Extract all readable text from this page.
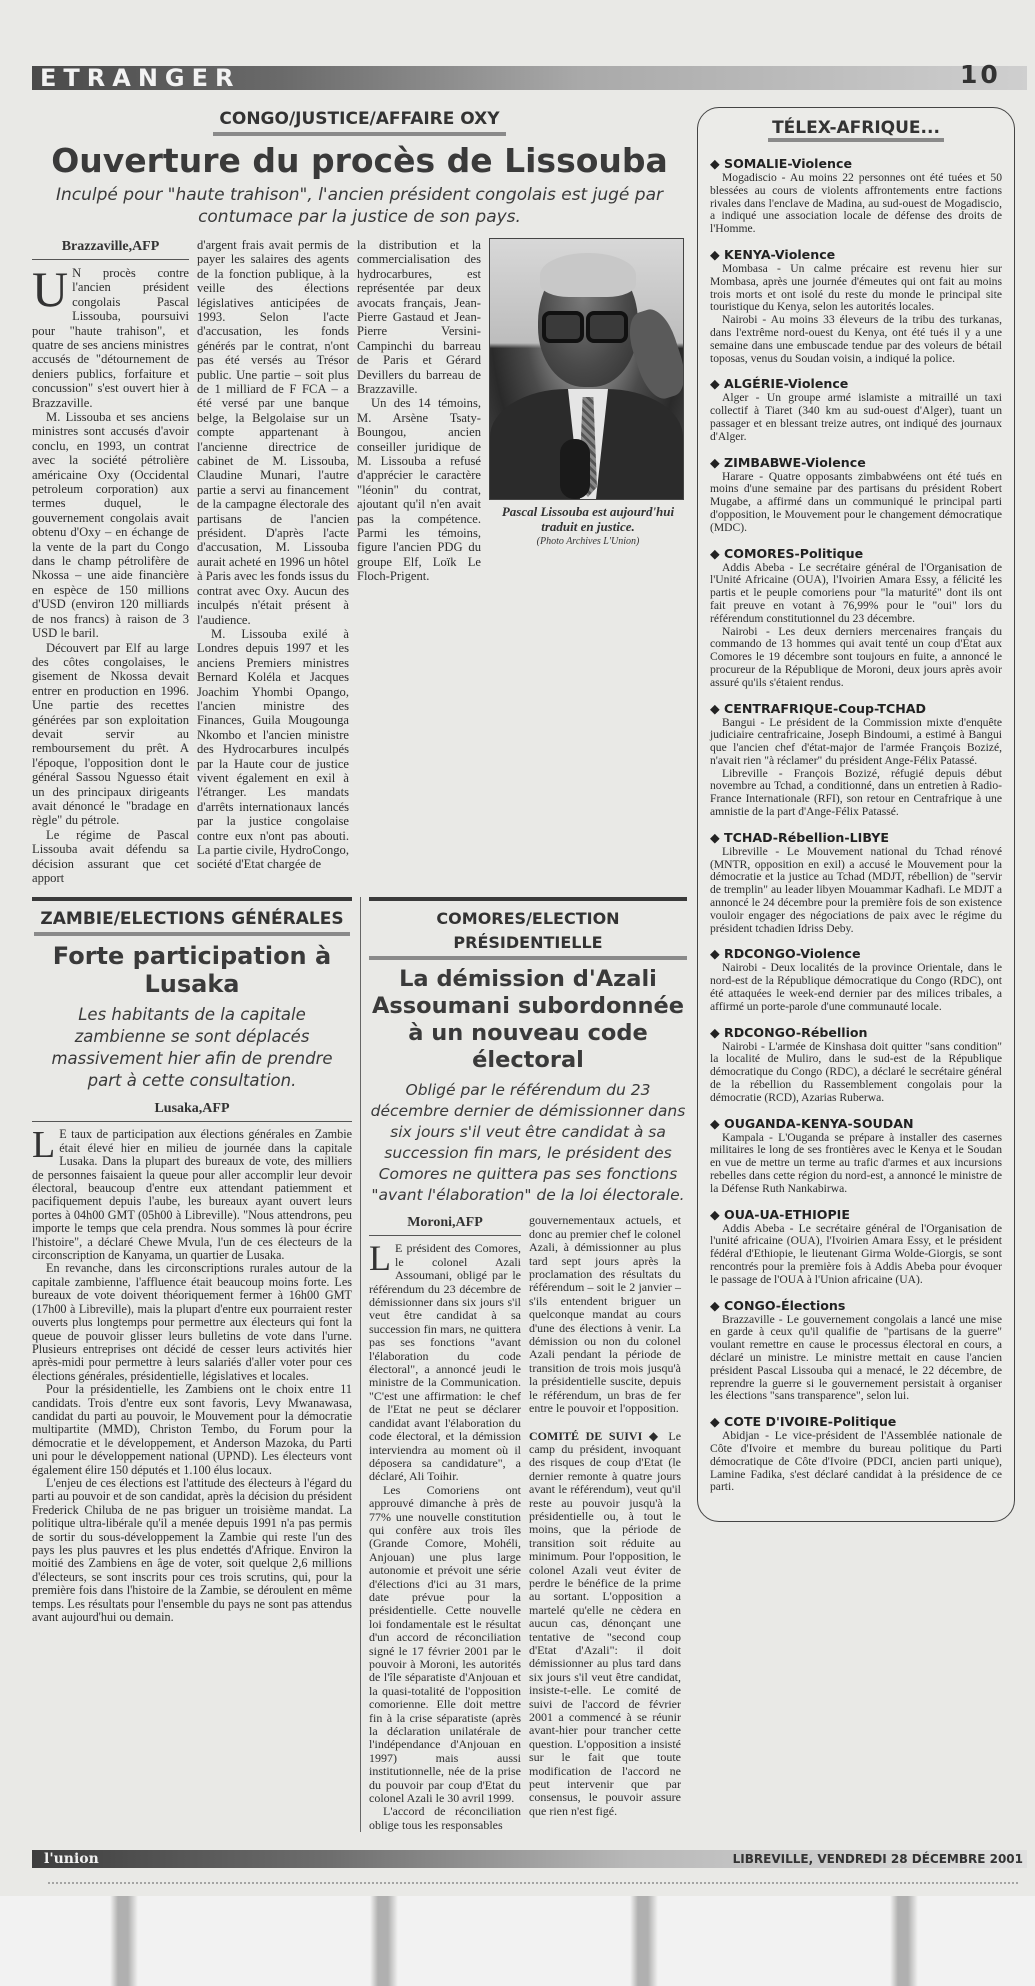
ETRANGER	10
CONGO/JUSTICE/AFFAIRE OXY
Ouverture du procès de Lissouba
Inculpé pour "haute trahison", l'ancien président congolais est jugé par contumace par la justice de son pays.
Brazzaville,AFP

U N procès contre l'ancien président congolais Pascal Lissouba, poursuivi pour "haute trahison", et quatre de ses anciens ministres accusés de "détournement de deniers publics, forfaiture et concussion" s'est ouvert hier à Brazzaville.

M. Lissouba et ses anciens ministres sont accusés d'avoir conclu, en 1993, un contrat avec la société pétrolière américaine Oxy (Occidental petroleum corporation) aux termes duquel, le gouvernement congolais avait obtenu d'Oxy – en échange de la vente de la part du Congo dans le champ pétrolifère de Nkossa – une aide financière en espèce de 150 millions d'USD (environ 120 milliards de nos francs) à raison de 3 USD le baril.

Découvert par Elf au large des côtes congolaises, le gisement de Nkossa devait entrer en production en 1996. Une partie des recettes générées par son exploitation devait servir au remboursement du prêt. A l'époque, l'opposition dont le général Sassou Nguesso était un des principaux dirigeants avait dénoncé le "bradage en règle" du pétrole.

Le régime de Pascal Lissouba avait défendu sa décision assurant que cet apport

d'argent frais avait permis de payer les salaires des agents de la fonction publique, à la veille des élections législatives anticipées de 1993. Selon l'acte d'accusation, les fonds générés par le contrat, n'ont pas été versés au Trésor public. Une partie – soit plus de 1 milliard de F FCA – a été versé par une banque belge, la Belgolaise sur un compte appartenant à l'ancienne directrice de cabinet de M. Lissouba, Claudine Munari, l'autre partie a servi au financement de la campagne électorale des partisans de l'ancien président. D'après l'acte d'accusation, M. Lissouba aurait acheté en 1996 un hôtel à Paris avec les fonds issus du contrat avec Oxy. Aucun des inculpés n'était présent à l'audience.

M. Lissouba exilé à Londres depuis 1997 et les anciens Premiers ministres Bernard Koléla et Jacques Joachim Yhombi Opango, l'ancien ministre des Finances, Guila Mougounga Nkombo et l'ancien ministre des Hydrocarbures inculpés par la Haute cour de justice vivent également en exil à l'étranger. Les mandats d'arrêts internationaux lancés par la justice congolaise contre eux n'ont pas abouti. La partie civile, HydroCongo, société d'Etat chargée de

la distribution et la commercialisation des hydrocarbures, est représentée par deux avocats français, Jean-Pierre Gastaud et Jean-Pierre Versini-Campinchi du barreau de Paris et Gérard Devillers du barreau de Brazzaville.

Un des 14 témoins, M. Arsène Tsaty-Boungou, ancien conseiller juridique de M. Lissouba a refusé d'apprécier le caractère "léonin" du contrat, ajoutant qu'il n'en avait pas la compétence. Parmi les témoins, figure l'ancien PDG du groupe Elf, Loïk Le Floch-Prigent.

Pascal Lissouba est aujourd'hui traduit en justice.
(Photo Archives L'Union)
ZAMBIE/ELECTIONS GÉNÉRALES
Forte participation à Lusaka
Les habitants de la capitale zambienne se sont déplacés massivement hier afin de prendre part à cette consultation.
Lusaka,AFP

L E taux de participation aux élections générales en Zambie était élevé hier en milieu de journée dans la capitale Lusaka. Dans la plupart des bureaux de vote, des milliers de personnes faisaient la queue pour aller accomplir leur devoir électoral, beaucoup d'entre eux attendant patiemment et pacifiquement depuis l'aube, les bureaux ayant ouvert leurs portes à 04h00 GMT (05h00 à Libreville). "Nous attendrons, peu importe le temps que cela prendra. Nous sommes là pour écrire l'histoire", a déclaré Chewe Mvula, l'un de ces électeurs de la circonscription de Kanyama, un quartier de Lusaka.

En revanche, dans les circonscriptions rurales autour de la capitale zambienne, l'affluence était beaucoup moins forte. Les bureaux de vote doivent théoriquement fermer à 16h00 GMT (17h00 à Libreville), mais la plupart d'entre eux pourraient rester ouverts plus longtemps pour permettre aux électeurs qui font la queue de pouvoir glisser leurs bulletins de vote dans l'urne. Plusieurs entreprises ont décidé de cesser leurs activités hier après-midi pour permettre à leurs salariés d'aller voter pour ces élections générales, présidentielle, législatives et locales.

Pour la présidentielle, les Zambiens ont le choix entre 11 candidats. Trois d'entre eux sont favoris, Levy Mwanawasa, candidat du parti au pouvoir, le Mouvement pour la démocratie multipartite (MMD), Christon Tembo, du Forum pour la démocratie et le développement, et Anderson Mazoka, du Parti uni pour le développement national (UPND). Les électeurs vont également élire 150 députés et 1.100 élus locaux.

L'enjeu de ces élections est l'attitude des électeurs à l'égard du parti au pouvoir et de son candidat, après la décision du président Frederick Chiluba de ne pas briguer un troisième mandat. La politique ultra-libérale qu'il a menée depuis 1991 n'a pas permis de sortir du sous-développement la Zambie qui reste l'un des pays les plus pauvres et les plus endettés d'Afrique. Environ la moitié des Zambiens en âge de voter, soit quelque 2,6 millions d'électeurs, se sont inscrits pour ces trois scrutins, qui, pour la première fois dans l'histoire de la Zambie, se déroulent en même temps. Les résultats pour l'ensemble du pays ne sont pas attendus avant aujourd'hui ou demain.

COMORES/ELECTION PRÉSIDENTIELLE
La démission d'Azali Assoumani subordonnée à un nouveau code électoral
Obligé par le référendum du 23 décembre dernier de démissionner dans six jours s'il veut être candidat à sa succession fin mars, le président des Comores ne quittera pas ses fonctions "avant l'élaboration" de la loi électorale.
Moroni,AFP

L E président des Comores, le colonel Azali Assoumani, obligé par le référendum du 23 décembre de démissionner dans six jours s'il veut être candidat à sa succession fin mars, ne quittera pas ses fonctions "avant l'élaboration du code électoral", a annoncé jeudi le ministre de la Communication. "C'est une affirmation: le chef de l'Etat ne peut se déclarer candidat avant l'élaboration du code électoral, et la démission interviendra au moment où il déposera sa candidature", a déclaré, Ali Toihir.

Les Comoriens ont approuvé dimanche à près de 77% une nouvelle constitution qui confère aux trois îles (Grande Comore, Mohéli, Anjouan) une plus large autonomie et prévoit une série d'élections d'ici au 31 mars, date prévue pour la présidentielle. Cette nouvelle loi fondamentale est le résultat d'un accord de réconciliation signé le 17 février 2001 par le pouvoir à Moroni, les autorités de l'île séparatiste d'Anjouan et la quasi-totalité de l'opposition comorienne. Elle doit mettre fin à la crise séparatiste (après la déclaration unilatérale de l'indépendance d'Anjouan en 1997) mais aussi institutionnelle, née de la prise du pouvoir par coup d'Etat du colonel Azali le 30 avril 1999.

L'accord de réconciliation oblige tous les responsables

gouvernementaux actuels, et donc au premier chef le colonel Azali, à démissionner au plus tard sept jours après la proclamation des résultats du référendum – soit le 2 janvier – s'ils entendent briguer un quelconque mandat au cours d'une des élections à venir. La démission ou non du colonel Azali pendant la période de transition de trois mois jusqu'à la présidentielle suscite, depuis le référendum, un bras de fer entre le pouvoir et l'opposition.

COMITÉ DE SUIVI ◆ Le camp du président, invoquant des risques de coup d'Etat (le dernier remonte à quatre jours avant le référendum), veut qu'il reste au pouvoir jusqu'à la présidentielle ou, à tout le moins, que la période de transition soit réduite au minimum. Pour l'opposition, le colonel Azali veut éviter de perdre le bénéfice de la prime au sortant. L'opposition a martelé qu'elle ne cèdera en aucun cas, dénonçant une tentative de "second coup d'Etat d'Azali": il doit démissionner au plus tard dans six jours s'il veut être candidat, insiste-t-elle. Le comité de suivi de l'accord de février 2001 a commencé à se réunir avant-hier pour trancher cette question. L'opposition a insisté sur le fait que toute modification de l'accord ne peut intervenir que par consensus, le pouvoir assure que rien n'est figé.

TÉLEX-AFRIQUE...
◆ SOMALIE-Violence

Mogadiscio - Au moins 22 personnes ont été tuées et 50 blessées au cours de violents affrontements entre factions rivales dans l'enclave de Madina, au sud-ouest de Mogadiscio, a indiqué une association locale de défense des droits de l'Homme.

◆ KENYA-Violence

Mombasa - Un calme précaire est revenu hier sur Mombasa, après une journée d'émeutes qui ont fait au moins trois morts et ont isolé du reste du monde le principal site touristique du Kenya, selon les autorités locales.

Nairobi - Au moins 33 éleveurs de la tribu des turkanas, dans l'extrême nord-ouest du Kenya, ont été tués il y a une semaine dans une embuscade tendue par des voleurs de bétail toposas, venus du Soudan voisin, a indiqué la police.

◆ ALGÉRIE-Violence

Alger - Un groupe armé islamiste a mitraillé un taxi collectif à Tiaret (340 km au sud-ouest d'Alger), tuant un passager et en blessant treize autres, ont indiqué des journaux d'Alger.

◆ ZIMBABWE-Violence

Harare - Quatre opposants zimbabwéens ont été tués en moins d'une semaine par des partisans du président Robert Mugabe, a affirmé dans un communiqué le principal parti d'opposition, le Mouvement pour le changement démocratique (MDC).

◆ COMORES-Politique

Addis Abeba - Le secrétaire général de l'Organisation de l'Unité Africaine (OUA), l'Ivoirien Amara Essy, a félicité les partis et le peuple comoriens pour "la maturité" dont ils ont fait preuve en votant à 76,99% pour le "oui" lors du référendum constitutionnel du 23 décembre.

Nairobi - Les deux derniers mercenaires français du commando de 13 hommes qui avait tenté un coup d'Etat aux Comores le 19 décembre sont toujours en fuite, a annoncé le procureur de la République de Moroni, deux jours après avoir assuré qu'ils s'étaient rendus.

◆ CENTRAFRIQUE-Coup-TCHAD

Bangui - Le président de la Commission mixte d'enquête judiciaire centrafricaine, Joseph Bindoumi, a estimé à Bangui que l'ancien chef d'état-major de l'armée François Bozizé, n'avait rien "à réclamer" du président Ange-Félix Patassé.

Libreville - François Bozizé, réfugié depuis début novembre au Tchad, a conditionné, dans un entretien à Radio-France Internationale (RFI), son retour en Centrafrique à une amnistie de la part d'Ange-Félix Patassé.

◆ TCHAD-Rébellion-LIBYE

Libreville - Le Mouvement national du Tchad rénové (MNTR, opposition en exil) a accusé le Mouvement pour la démocratie et la justice au Tchad (MDJT, rébellion) de "servir de tremplin" au leader libyen Mouammar Kadhafi. Le MDJT a annoncé le 24 décembre pour la première fois de son existence vouloir engager des négociations de paix avec le régime du président tchadien Idriss Deby.

◆ RDCONGO-Violence

Nairobi - Deux localités de la province Orientale, dans le nord-est de la République démocratique du Congo (RDC), ont été attaquées le week-end dernier par des milices tribales, a affirmé un porte-parole d'une communauté locale.

◆ RDCONGO-Rébellion

Nairobi - L'armée de Kinshasa doit quitter "sans condition" la localité de Muliro, dans le sud-est de la République démocratique du Congo (RDC), a déclaré le secrétaire général de la rébellion du Rassemblement congolais pour la démocratie (RCD), Azarias Ruberwa.

◆ OUGANDA-KENYA-SOUDAN

Kampala - L'Ouganda se prépare à installer des casernes militaires le long de ses frontières avec le Kenya et le Soudan en vue de mettre un terme au trafic d'armes et aux incursions rebelles dans cette région du nord-est, a annoncé le ministre de la Défense Ruth Nankabirwa.

◆ OUA-UA-ETHIOPIE

Addis Abeba - Le secrétaire général de l'Organisation de l'unité africaine (OUA), l'Ivoirien Amara Essy, et le président fédéral d'Ethiopie, le lieutenant Girma Wolde-Giorgis, se sont rencontrés pour la première fois à Addis Abeba pour évoquer le passage de l'OUA à l'Union africaine (UA).

◆ CONGO-Élections

Brazzaville - Le gouvernement congolais a lancé une mise en garde à ceux qu'il qualifie de "partisans de la guerre" voulant remettre en cause le processus électoral en cours, a déclaré un ministre. Le ministre mettait en cause l'ancien président Pascal Lissouba qui a menacé, le 22 décembre, de reprendre la guerre si le gouvernement persistait à organiser les élections "sans transparence", selon lui.

◆ COTE D'IVOIRE-Politique

Abidjan - Le vice-président de l'Assemblée nationale de Côte d'Ivoire et membre du bureau politique du Parti démocratique de Côte d'Ivoire (PDCI, ancien parti unique), Lamine Fadika, s'est déclaré candidat à la présidence de ce parti.

l'union	LIBREVILLE, VENDREDI 28 DÉCEMBRE 2001
